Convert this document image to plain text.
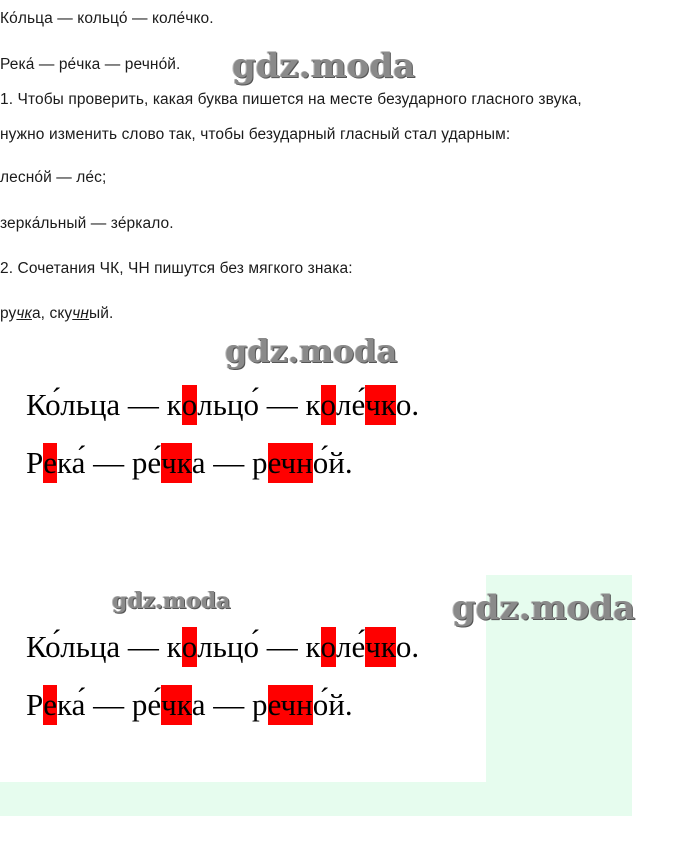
Ко́льца — кольцо́ — коле́чко.

Река́ — ре́чка — речно́й.

1. Чтобы проверить, какая буква пишется на месте безударного гласного звука,

нужно изменить слово так, чтобы безударный гласный стал ударным:

лесно́й — ле́с;

зерка́льный — зе́ркало.

2. Сочетания ЧК, ЧН пишутся без мягкого знака:

ручка, скучный.

gdz.moda
gdz.moda
gdz.moda	gdz.moda
Ко́льца — кольцо́ — коле́чко.
Река́ — ре́чка — речно́й.
Ко́льца — кольцо́ — коле́чко.
Река́ — ре́чка — речно́й.
